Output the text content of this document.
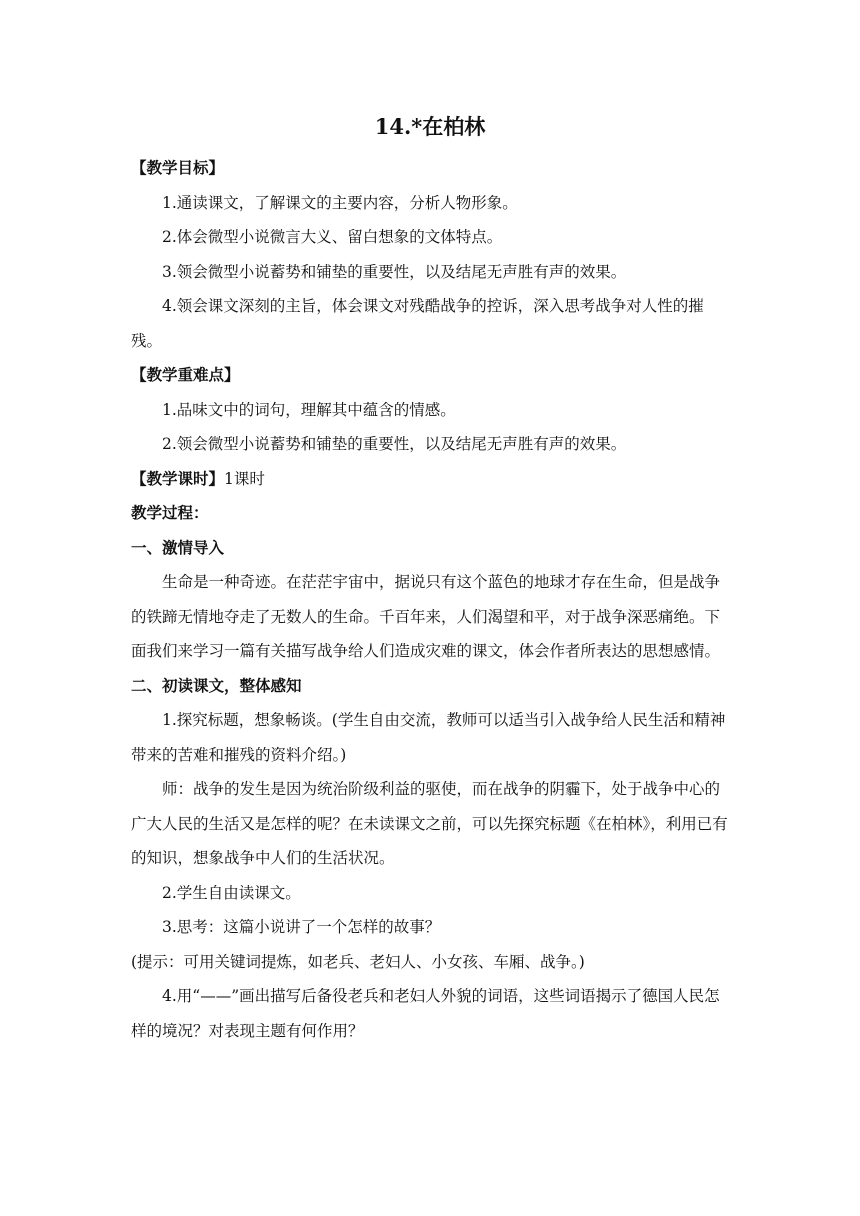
14.*在柏林

【教学目标】

1.通读课文，了解课文的主要内容，分析人物形象。

2.体会微型小说微言大义、留白想象的文体特点。

3.领会微型小说蓄势和铺垫的重要性，以及结尾无声胜有声的效果。

4.领会课文深刻的主旨，体会课文对残酷战争的控诉，深入思考战争对人性的摧残。

【教学重难点】

1.品味文中的词句，理解其中蕴含的情感。

2.领会微型小说蓄势和铺垫的重要性，以及结尾无声胜有声的效果。

【教学课时】1课时

教学过程：

一、激情导入

生命是一种奇迹。在茫茫宇宙中，据说只有这个蓝色的地球才存在生命，但是战争的铁蹄无情地夺走了无数人的生命。千百年来，人们渴望和平，对于战争深恶痛绝。下面我们来学习一篇有关描写战争给人们造成灾难的课文，体会作者所表达的思想感情。

二、初读课文，整体感知

1.探究标题，想象畅谈。(学生自由交流，教师可以适当引入战争给人民生活和精神带来的苦难和摧残的资料介绍。)

师：战争的发生是因为统治阶级利益的驱使，而在战争的阴霾下，处于战争中心的广大人民的生活又是怎样的呢？在未读课文之前，可以先探究标题《在柏林》，利用已有的知识，想象战争中人们的生活状况。

2.学生自由读课文。

3.思考：这篇小说讲了一个怎样的故事？

(提示：可用关键词提炼，如老兵、老妇人、小女孩、车厢、战争。)

4.用“——”画出描写后备役老兵和老妇人外貌的词语，这些词语揭示了德国人民怎样的境况？对表现主题有何作用？
